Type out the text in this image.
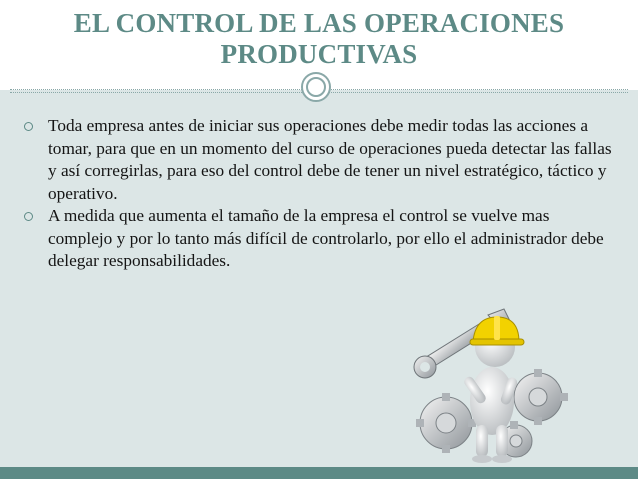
EL CONTROL DE LAS OPERACIONES
PRODUCTIVAS
Toda empresa antes de iniciar sus operaciones debe medir todas las acciones a tomar, para que en un momento del curso de operaciones pueda detectar las fallas y así corregirlas, para eso del control debe de tener un nivel estratégico, táctico y operativo.
A medida que aumenta el tamaño de la empresa el control se vuelve mas complejo y por lo tanto más difícil de controlarlo, por ello el administrador debe delegar responsabilidades.
